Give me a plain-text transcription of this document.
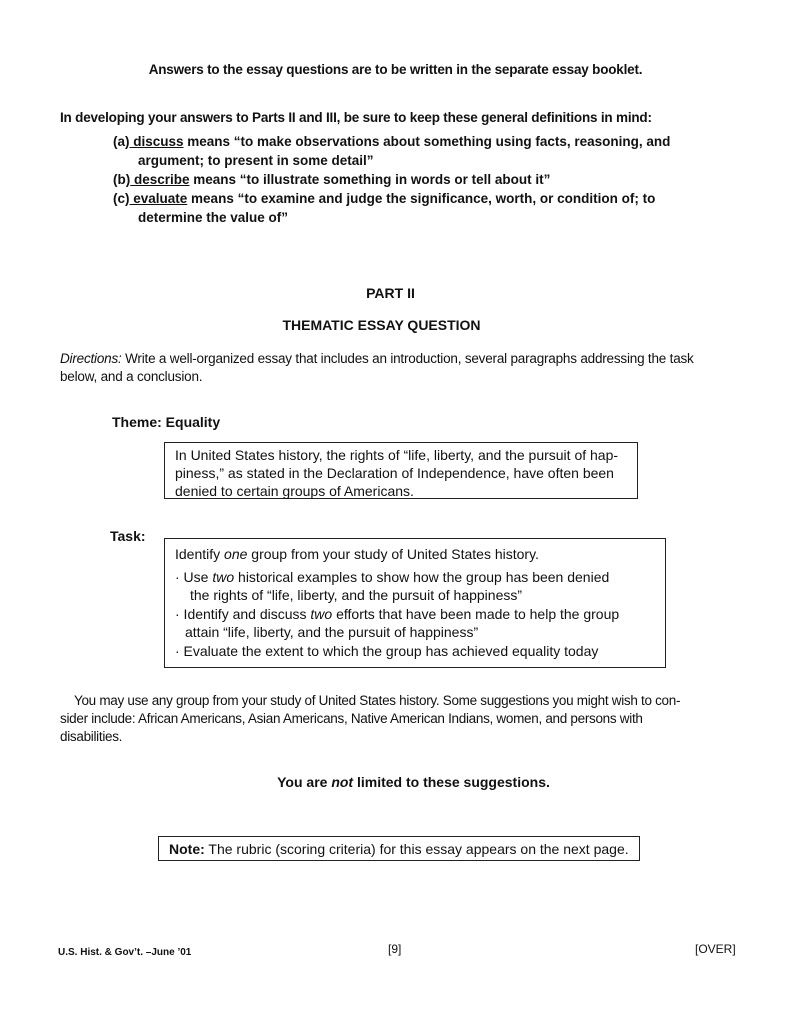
Answers to the essay questions are to be written in the separate essay booklet.
In developing your answers to Parts II and III, be sure to keep these general definitions in mind:
(a) discuss means “to make observations about something using facts, reasoning, and
argument; to present in some detail”
(b) describe means “to illustrate something in words or tell about it”
(c) evaluate means “to examine and judge the significance, worth, or condition of; to
determine the value of”
PART II
THEMATIC ESSAY QUESTION
Directions: Write a well-organized essay that includes an introduction, several paragraphs addressing the task
below, and a conclusion.
Theme: Equality
In United States history, the rights of “life, liberty, and the pursuit of hap-
piness,” as stated in the Declaration of Independence, have often been
denied to certain groups of Americans.
Task:
Identify one group from your study of United States history.
· Use two historical examples to show how the group has been denied
the rights of “life, liberty, and the pursuit of happiness”
· Identify and discuss two efforts that have been made to help the group
attain “life, liberty, and the pursuit of happiness”
· Evaluate the extent to which the group has achieved equality today
You may use any group from your study of United States history. Some suggestions you might wish to con-
sider include: African Americans, Asian Americans, Native American Indians, women, and persons with
disabilities.
You are not limited to these suggestions.
Note: The rubric (scoring criteria) for this essay appears on the next page.
U.S. Hist. & Gov’t. –June ’01	[9]	[OVER]
